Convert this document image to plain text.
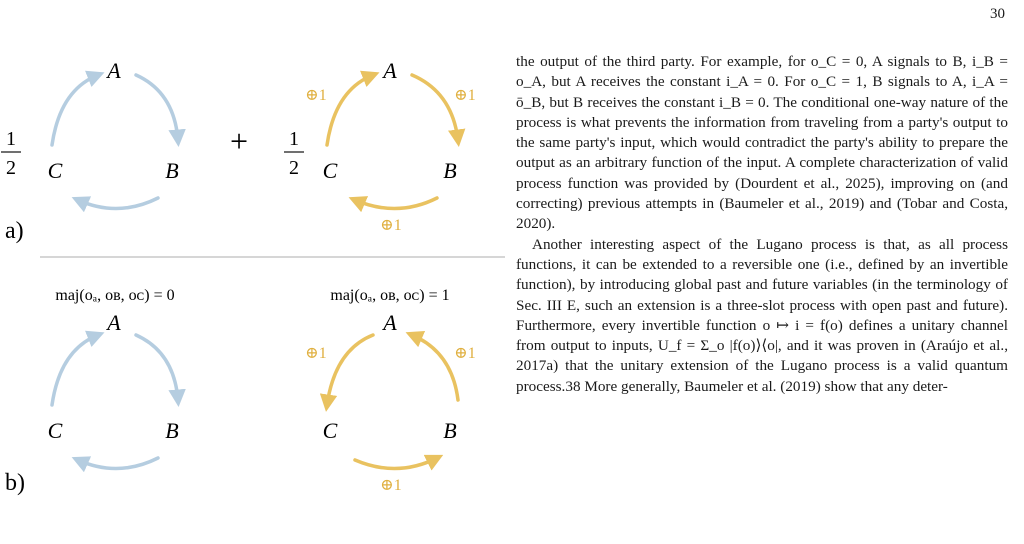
30
A
B
C
1
2
+ 1
2
A
B
C
⊕1	⊕1
⊕1
a)
maj(oₐ, oʙ, oᴄ) = 0	maj(oₐ, oʙ, oᴄ) = 1
A
B
C
A
B
C
⊕1	⊕1
⊕1
b)

the output of the third party. For example, for o_C = 0, A signals to B, i_B = o_A, but A receives the constant i_A = 0. For o_C = 1, B signals to A, i_A = ō_B, but B receives the constant i_B = 0. The conditional one-way nature of the process is what prevents the information from traveling from a party's output to the same party's input, which would contradict the party's ability to prepare the output as an arbitrary function of the input. A complete characterization of valid process function was provided by (Dourdent et al., 2025), improving on (and correcting) previous attempts in (Baumeler et al., 2019) and (Tobar and Costa, 2020).

Another interesting aspect of the Lugano process is that, as all process functions, it can be extended to a reversible one (i.e., defined by an invertible function), by introducing global past and future variables (in the terminology of Sec. III E, such an extension is a three-slot process with open past and future). Furthermore, every invertible function o ↦ i = f(o) defines a unitary channel from output to inputs, U_f = Σ_o |f(o)⟩⟨o|, and it was proven in (Araújo et al., 2017a) that the unitary extension of the Lugano process is a valid quantum process.38 More generally, Baumeler et al. (2019) show that any deter-
